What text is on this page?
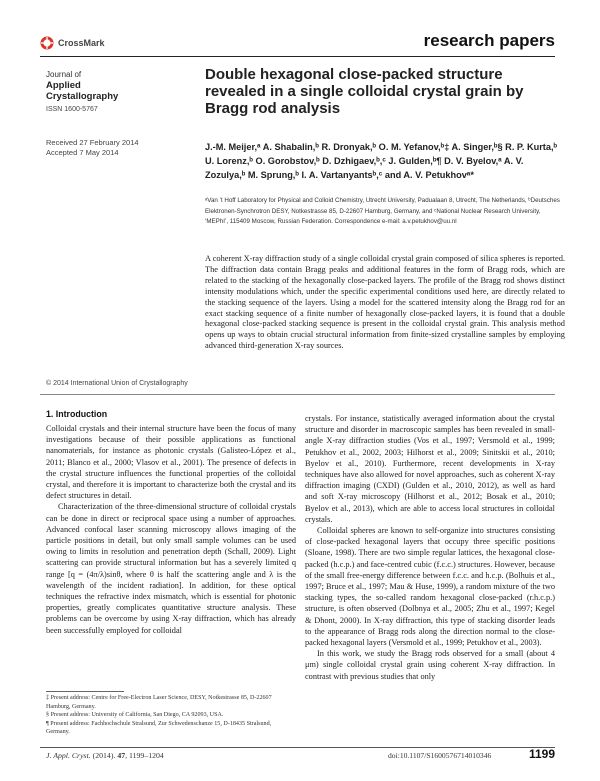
CrossMark	research papers
Journal of
Applied
Crystallography
ISSN 1600-5767
Received 27 February 2014
Accepted 7 May 2014
© 2014 International Union of Crystallography
Double hexagonal close-packed structure revealed in a single colloidal crystal grain by Bragg rod analysis
J.-M. Meijer,ᵃ A. Shabalin,ᵇ R. Dronyak,ᵇ O. M. Yefanov,ᵇ‡ A. Singer,ᵇ§ R. P. Kurta,ᵇ U. Lorenz,ᵇ O. Gorobstov,ᵇ D. Dzhigaev,ᵇ,ᶜ J. Gulden,ᵇ¶ D. V. Byelov,ᵃ A. V. Zozulya,ᵇ M. Sprung,ᵇ I. A. Vartanyantsᵇ,ᶜ and A. V. Petukhovᵃ*
ᵃVan ’t Hoff Laboratory for Physical and Colloid Chemistry, Utrecht University, Padualaan 8, Utrecht, The Netherlands, ᵇDeutsches Elektronen-Synchrotron DESY, Notkestrasse 85, D-22607 Hamburg, Germany, and ᶜNational Nuclear Research University, ‘MEPhI’, 115409 Moscow, Russian Federation. Correspondence e-mail: a.v.petukhov@uu.nl
A coherent X-ray diffraction study of a single colloidal crystal grain composed of silica spheres is reported. The diffraction data contain Bragg peaks and additional features in the form of Bragg rods, which are related to the stacking of the hexagonally close-packed layers. The profile of the Bragg rod shows distinct intensity modulations which, under the specific experimental conditions used here, are directly related to the stacking sequence of the layers. Using a model for the scattered intensity along the Bragg rod for an exact stacking sequence of a finite number of hexagonally close-packed layers, it is found that a double hexagonal close-packed stacking sequence is present in the colloidal crystal grain. This analysis method opens up ways to obtain crucial structural information from finite-sized crystalline samples by employing advanced third-generation X-ray sources.
1. Introduction

Colloidal crystals and their internal structure have been the focus of many investigations because of their possible applications as functional nanomaterials, for instance as photonic crystals (Galisteo-López et al., 2011; Blanco et al., 2000; Vlasov et al., 2001). The presence of defects in the crystal structure influences the functional properties of the colloidal crystal, and therefore it is important to characterize both the crystal and its defect structures in detail.

Characterization of the three-dimensional structure of colloidal crystals can be done in direct or reciprocal space using a number of approaches. Advanced confocal laser scanning microscopy allows imaging of the particle positions in detail, but only small sample volumes can be used owing to limits in resolution and penetration depth (Schall, 2009). Light scattering can provide structural information but has a severely limited q range [q = (4π/λ)sinθ, where θ is half the scattering angle and λ is the wavelength of the incident radiation]. In addition, for these optical techniques the refractive index mismatch, which is essential for photonic properties, greatly complicates quantitative structure analysis. These problems can be overcome by using X-ray diffraction, which has already been successfully employed for colloidal

crystals. For instance, statistically averaged information about the crystal structure and disorder in macroscopic samples has been revealed in small-angle X-ray diffraction studies (Vos et al., 1997; Versmold et al., 1999; Petukhov et al., 2002, 2003; Hilhorst et al., 2009; Sinitskii et al., 2010; Byelov et al., 2010). Furthermore, recent developments in X-ray techniques have also allowed for novel approaches, such as coherent X-ray diffraction imaging (CXDI) (Gulden et al., 2010, 2012), as well as hard and soft X-ray microscopy (Hilhorst et al., 2012; Bosak et al., 2010; Byelov et al., 2013), which are able to access local structures in colloidal crystals.

Colloidal spheres are known to self-organize into structures consisting of close-packed hexagonal layers that occupy three specific positions (Sloane, 1998). There are two simple regular lattices, the hexagonal close-packed (h.c.p.) and face-centred cubic (f.c.c.) structures. However, because of the small free-energy difference between f.c.c. and h.c.p. (Bolhuis et al., 1997; Bruce et al., 1997; Mau & Huse, 1999), a random mixture of the two stacking types, the so-called random hexagonal close-packed (r.h.c.p.) structure, is often observed (Dolbnya et al., 2005; Zhu et al., 1997; Kegel & Dhont, 2000). In X-ray diffraction, this type of stacking disorder leads to the appearance of Bragg rods along the direction normal to the close-packed hexagonal layers (Versmold et al., 1999; Petukhov et al., 2003).

In this work, we study the Bragg rods observed for a small (about 4 μm) single colloidal crystal grain using coherent X-ray diffraction. In contrast with previous studies that only

‡ Present address: Centre for Free-Electron Laser Science, DESY, Notkestrasse 85, D-22607 Hamburg, Germany.
§ Present address: University of California, San Diego, CA 92093, USA.
¶ Present address: Fachhochschule Stralsund, Zur Schwedenschanze 15, D-18435 Stralsund, Germany.
J. Appl. Cryst. (2014). 47, 1199–1204	doi:10.1107/S1600576714010346	1199
